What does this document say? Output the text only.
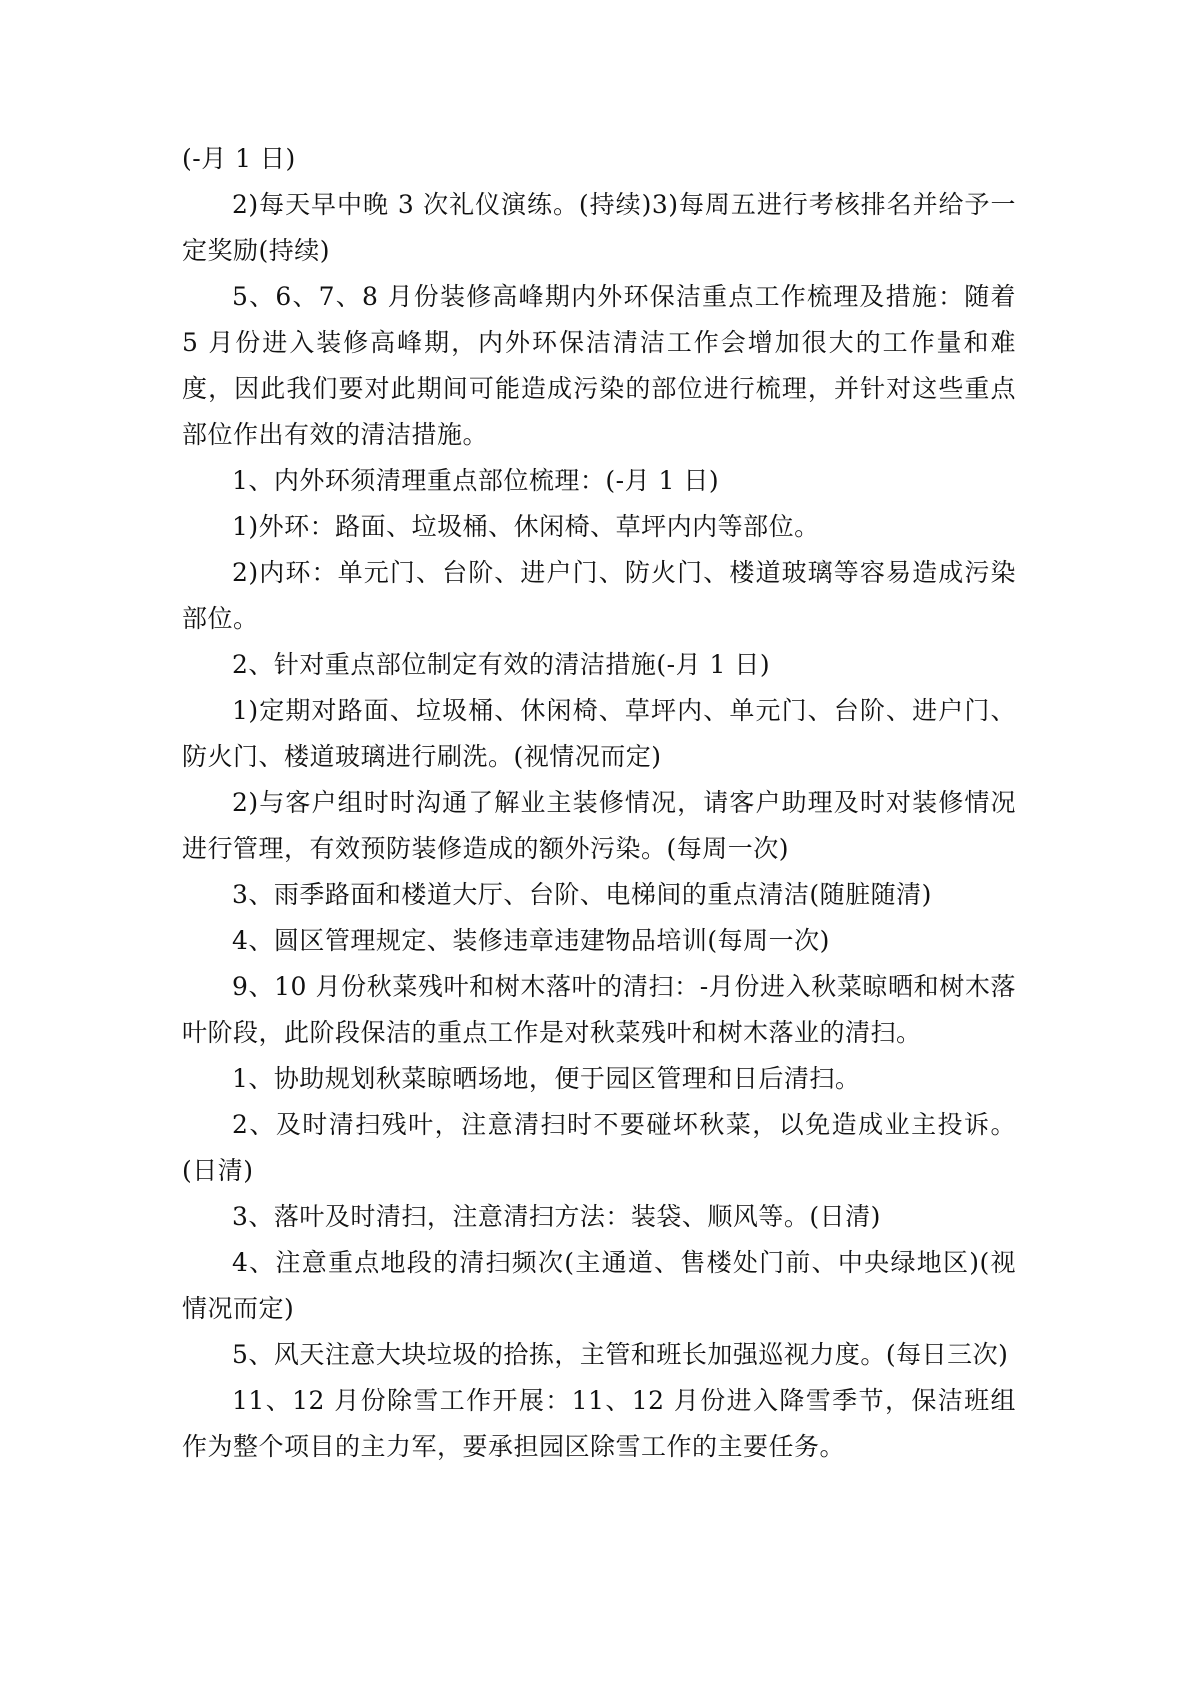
(-月 1 日)

2)每天早中晚 3 次礼仪演练。(持续)3)每周五进行考核排名并给予一定奖励(持续)

5、6、7、8 月份装修高峰期内外环保洁重点工作梳理及措施：随着 5 月份进入装修高峰期，内外环保洁清洁工作会增加很大的工作量和难度，因此我们要对此期间可能造成污染的部位进行梳理，并针对这些重点部位作出有效的清洁措施。

1、内外环须清理重点部位梳理：(-月 1 日)

1)外环：路面、垃圾桶、休闲椅、草坪内内等部位。

2)内环：单元门、台阶、进户门、防火门、楼道玻璃等容易造成污染部位。

2、针对重点部位制定有效的清洁措施(-月 1 日)

1)定期对路面、垃圾桶、休闲椅、草坪内、单元门、台阶、进户门、防火门、楼道玻璃进行刷洗。(视情况而定)

2)与客户组时时沟通了解业主装修情况，请客户助理及时对装修情况进行管理，有效预防装修造成的额外污染。(每周一次)

3、雨季路面和楼道大厅、台阶、电梯间的重点清洁(随脏随清)

4、圆区管理规定、装修违章违建物品培训(每周一次)

9、10 月份秋菜残叶和树木落叶的清扫：-月份进入秋菜晾晒和树木落叶阶段，此阶段保洁的重点工作是对秋菜残叶和树木落业的清扫。

1、协助规划秋菜晾晒场地，便于园区管理和日后清扫。

2、及时清扫残叶，注意清扫时不要碰坏秋菜，以免造成业主投诉。(日清)

3、落叶及时清扫，注意清扫方法：装袋、顺风等。(日清)

4、注意重点地段的清扫频次(主通道、售楼处门前、中央绿地区)(视情况而定)

5、风天注意大块垃圾的拾拣，主管和班长加强巡视力度。(每日三次)

11、12 月份除雪工作开展：11、12 月份进入降雪季节，保洁班组作为整个项目的主力军，要承担园区除雪工作的主要任务。
